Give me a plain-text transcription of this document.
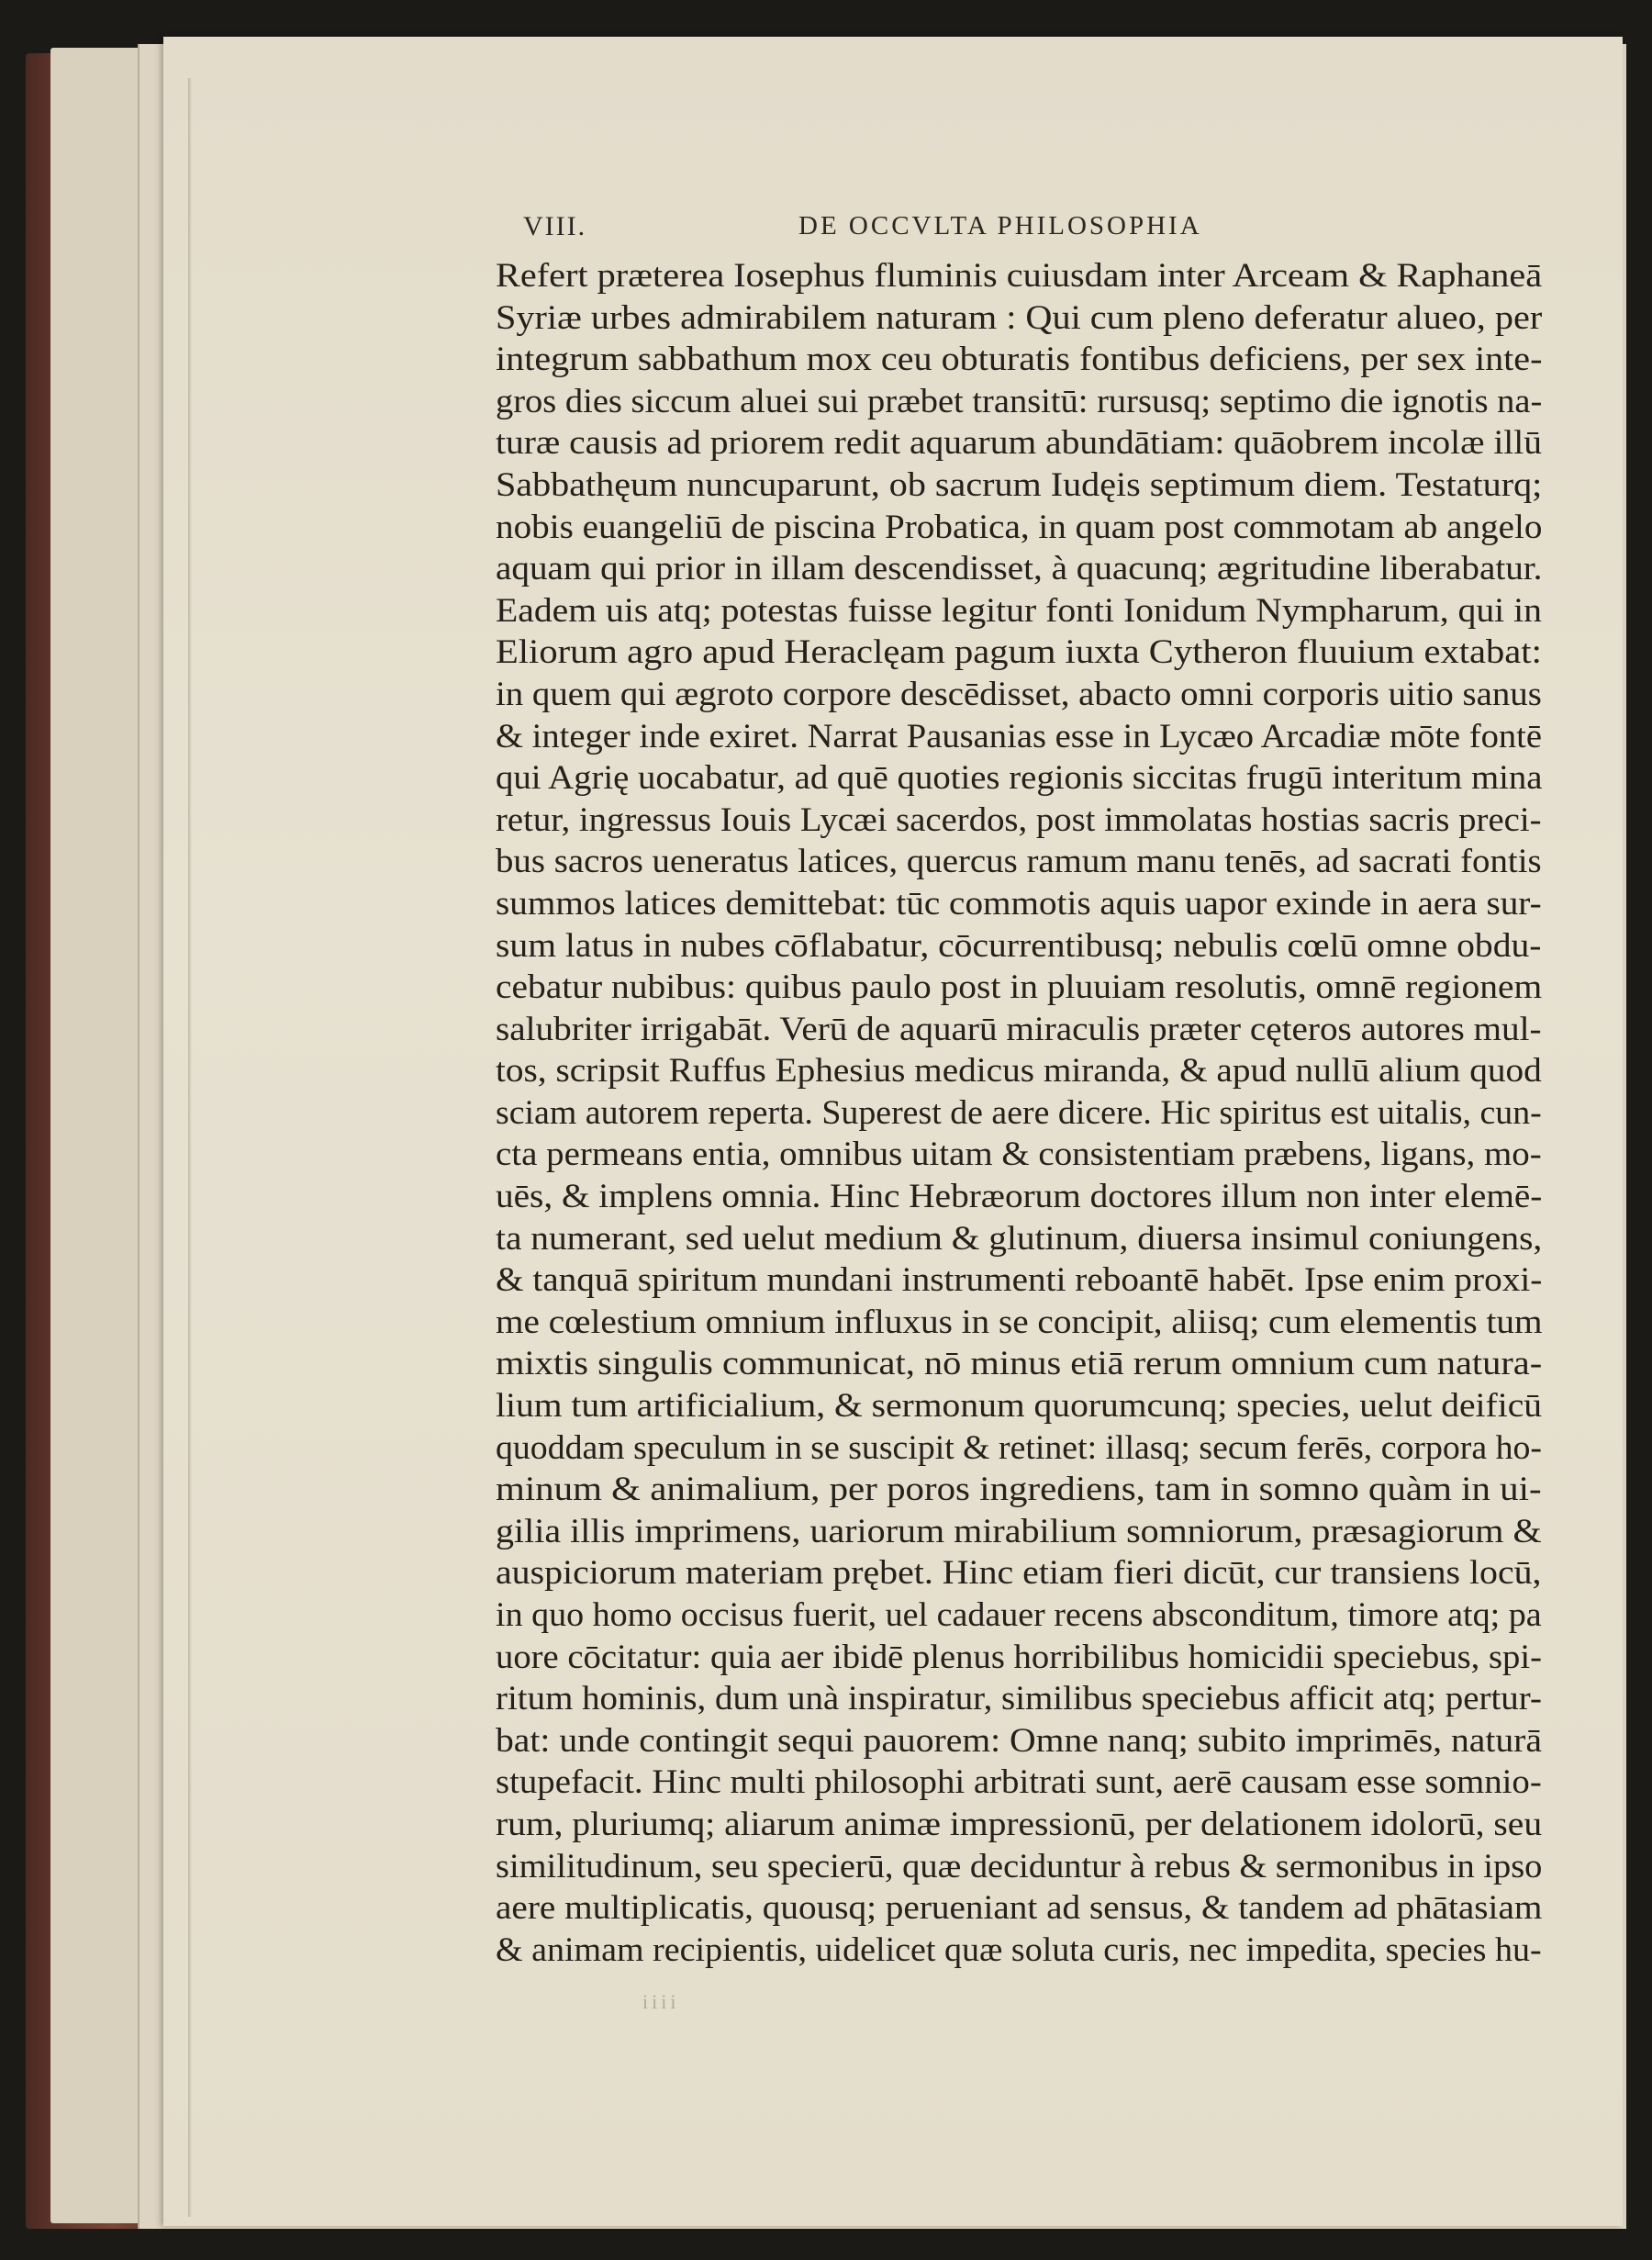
VIII.	DE OCCVLTA PHILOSOPHIA
Refert præterea Iosephus fluminis cuiusdam inter Arceam & Raphaneā
Syriæ urbes admirabilem naturam : Qui cum pleno deferatur alueo, per
integrum sabbathum mox ceu obturatis fontibus deficiens, per sex inte-
gros dies siccum aluei sui præbet transitū: rursusq; septimo die ignotis na-
turæ causis ad priorem redit aquarum abundātiam: quāobrem incolæ illū
Sabbathęum nuncuparunt, ob sacrum Iudęis septimum diem. Testaturq;
nobis euangeliū de piscina Probatica, in quam post commotam ab angelo
aquam qui prior in illam descendisset, à quacunq; ægritudine liberabatur.
Eadem uis atq; potestas fuisse legitur fonti Ionidum Nympharum, qui in
Eliorum agro apud Heraclęam pagum iuxta Cytheron fluuium extabat:
in quem qui ægroto corpore descēdisset, abacto omni corporis uitio sanus
& integer inde exiret. Narrat Pausanias esse in Lycæo Arcadiæ mōte fontē
qui Agrię uocabatur, ad quē quoties regionis siccitas frugū interitum mina
retur, ingressus Iouis Lycæi sacerdos, post immolatas hostias sacris preci-
bus sacros ueneratus latices, quercus ramum manu tenēs, ad sacrati fontis
summos latices demittebat: tūc commotis aquis uapor exinde in aera sur-
sum latus in nubes cōflabatur, cōcurrentibusq; nebulis cœlū omne obdu-
cebatur nubibus: quibus paulo post in pluuiam resolutis, omnē regionem
salubriter irrigabāt. Verū de aquarū miraculis præter cęteros autores mul-
tos, scripsit Ruffus Ephesius medicus miranda, & apud nullū alium quod
sciam autorem reperta. Superest de aere dicere. Hic spiritus est uitalis, cun-
cta permeans entia, omnibus uitam & consistentiam præbens, ligans, mo-
uēs, & implens omnia. Hinc Hebræorum doctores illum non inter elemē-
ta numerant, sed uelut medium & glutinum, diuersa insimul coniungens,
& tanquā spiritum mundani instrumenti reboantē habēt. Ipse enim proxi-
me cœlestium omnium influxus in se concipit, aliisq; cum elementis tum
mixtis singulis communicat, nō minus etiā rerum omnium cum natura-
lium tum artificialium, & sermonum quorumcunq; species, uelut deificū
quoddam speculum in se suscipit & retinet: illasq; secum ferēs, corpora ho-
minum & animalium, per poros ingrediens, tam in somno quàm in ui-
gilia illis imprimens, uariorum mirabilium somniorum, præsagiorum &
auspiciorum materiam prębet. Hinc etiam fieri dicūt, cur transiens locū,
in quo homo occisus fuerit, uel cadauer recens absconditum, timore atq; pa
uore cōcitatur: quia aer ibidē plenus horribilibus homicidii speciebus, spi-
ritum hominis, dum unà inspiratur, similibus speciebus afficit atq; pertur-
bat: unde contingit sequi pauorem: Omne nanq; subito imprimēs, naturā
stupefacit. Hinc multi philosophi arbitrati sunt, aerē causam esse somnio-
rum, pluriumq; aliarum animæ impressionū, per delationem idolorū, seu
similitudinum, seu specierū, quæ deciduntur à rebus & sermonibus in ipso
aere multiplicatis, quousq; perueniant ad sensus, & tandem ad phātasiam
& animam recipientis, uidelicet quæ soluta curis, nec impedita, species hu-
iiii
